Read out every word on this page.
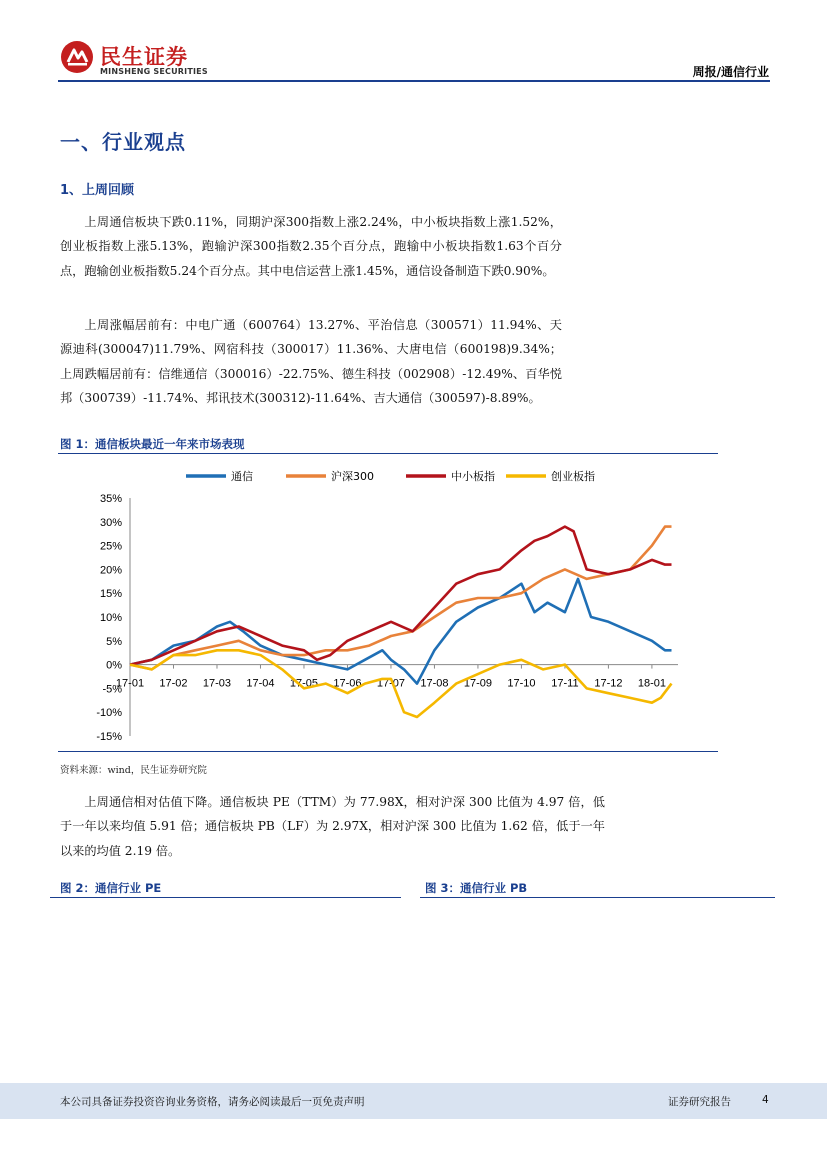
民生证券
MINSHENG SECURITIES	周报/通信行业
一、行业观点
1、上周回顾

上周通信板块下跌0.11%，同期沪深300指数上涨2.24%，中小板块指数上涨1.52%，创业板指数上涨5.13%，跑输沪深300指数2.35个百分点，跑输中小板块指数1.63个百分点，跑输创业板指数5.24个百分点。其中电信运营上涨1.45%，通信设备制造下跌0.90%。

上周涨幅居前有：中电广通（600764）13.27%、平治信息（300571）11.94%、天源迪科(300047)11.79%、网宿科技（300017）11.36%、大唐电信（600198)9.34%；上周跌幅居前有：信维通信（300016）-22.75%、德生科技（002908）-12.49%、百华悦邦（300739）-11.74%、邦讯技术(300312)-11.64%、吉大通信（300597)-8.89%。

图 1：通信板块最近一年来市场表现
通信	沪深300	中小板指	创业板指
35%
30%
25%
20%
15%
10%
5%
0%
-5%
-10%
-15%
17-01 17-02 17-03 17-04 17-05 17-06 17-07 17-08 17-09 17-10 17-11 17-12 18-01
资料来源：wind，民生证券研究院

上周通信相对估值下降。通信板块 PE（TTM）为 77.98X，相对沪深 300 比值为 4.97 倍，低于一年以来均值 5.91 倍；通信板块 PB（LF）为 2.97X，相对沪深 300 比值为 1.62 倍，低于一年以来的均值 2.19 倍。

图 2：通信行业 PE	图 3：通信行业 PB
本公司具备证券投资咨询业务资格，请务必阅读最后一页免责声明	证券研究报告	4
